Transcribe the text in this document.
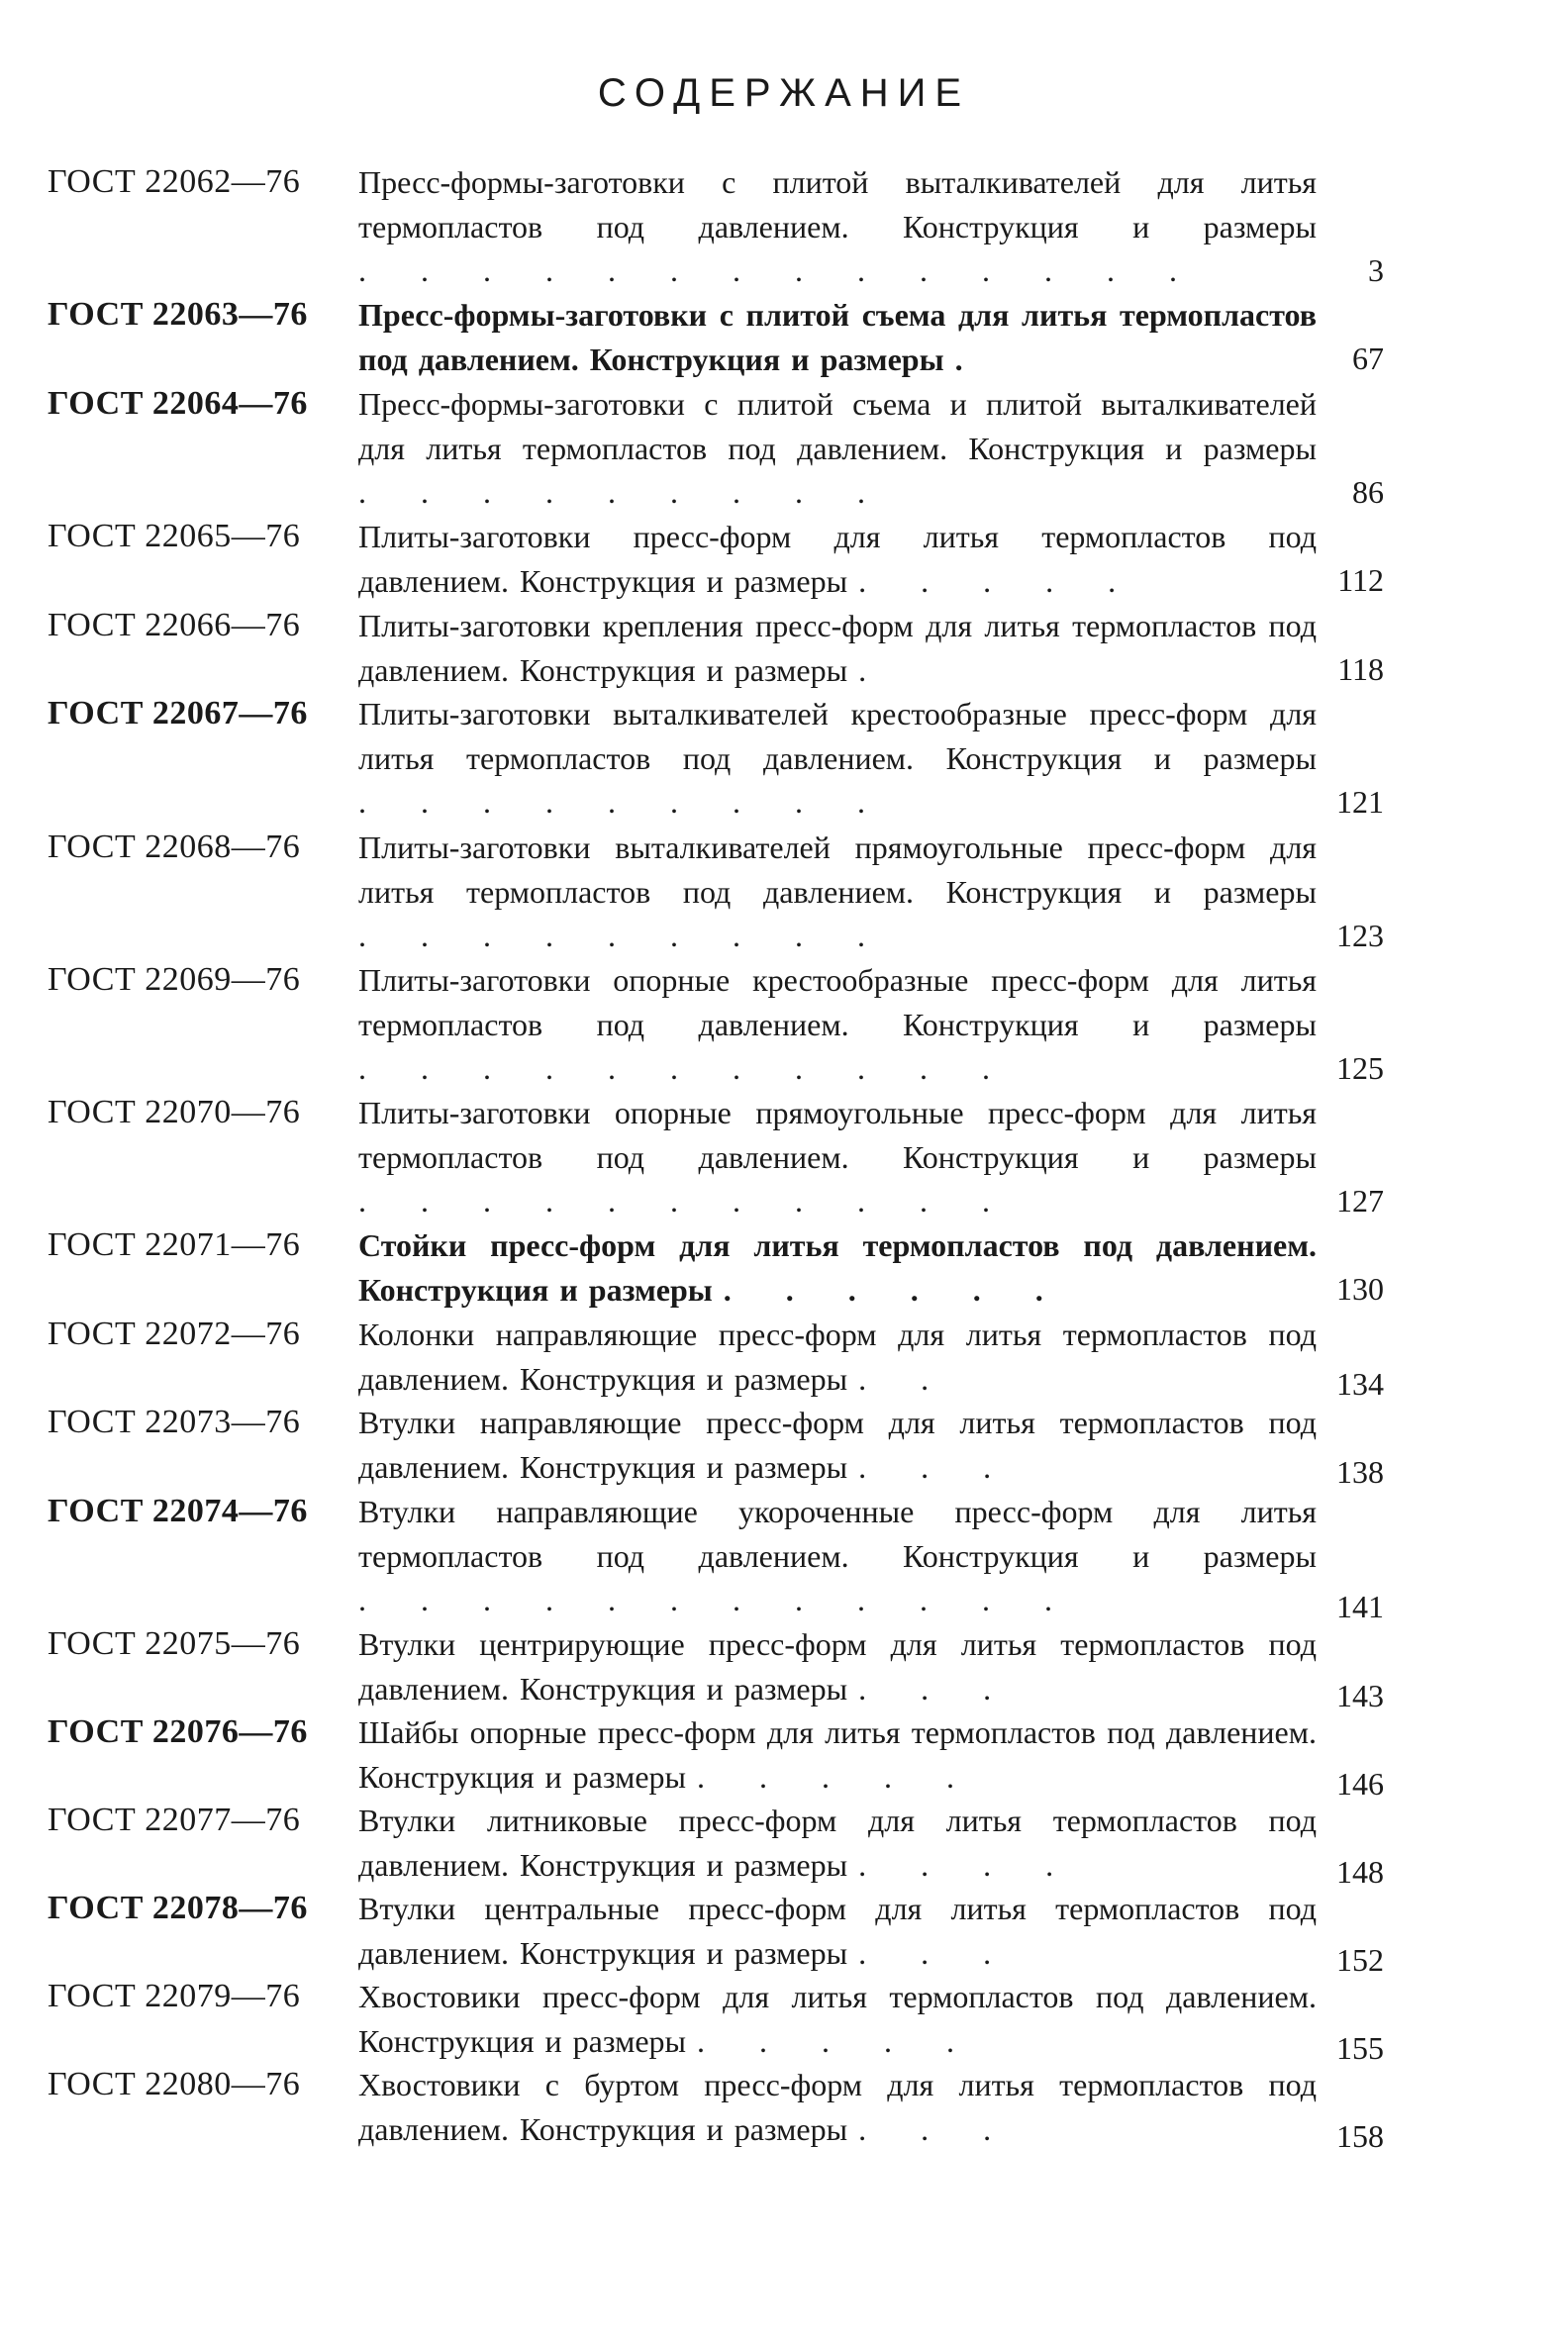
СОДЕРЖАНИЕ
ГОСТ 22062—76 Пресс-формы-заготовки с плитой выталкивателей для литья термопластов под давлением. Конструкция и размеры . . . . . . . . . . . . . .	3
ГОСТ 22063—76 Пресс-формы-заготовки с плитой съема для литья термопластов под давлением. Конструкция и размеры .	67
ГОСТ 22064—76 Пресс-формы-заготовки с плитой съема и плитой выталкивателей для литья термопластов под давлением. Конструкция и размеры . . . . . . . . .	86
ГОСТ 22065—76 Плиты-заготовки пресс-форм для литья термопластов под давлением. Конструкция и размеры . . . . .	112
ГОСТ 22066—76 Плиты-заготовки крепления пресс-форм для литья термопластов под давлением. Конструкция и размеры .	118
ГОСТ 22067—76 Плиты-заготовки выталкивателей крестообразные пресс-форм для литья термопластов под давлением. Конструкция и размеры . . . . . . . . .	121
ГОСТ 22068—76 Плиты-заготовки выталкивателей прямоугольные пресс-форм для литья термопластов под давлением. Конструкция и размеры . . . . . . . . .	123
ГОСТ 22069—76 Плиты-заготовки опорные крестообразные пресс-форм для литья термопластов под давлением. Конструкция и размеры . . . . . . . . . . .	125
ГОСТ 22070—76 Плиты-заготовки опорные прямоугольные пресс-форм для литья термопластов под давлением. Конструкция и размеры . . . . . . . . . . .	127
ГОСТ 22071—76 Стойки пресс-форм для литья термопластов под давлением. Конструкция и размеры . . . . . .	130
ГОСТ 22072—76 Колонки направляющие пресс-форм для литья термопластов под давлением. Конструкция и размеры . .	134
ГОСТ 22073—76 Втулки направляющие пресс-форм для литья термопластов под давлением. Конструкция и размеры . . .	138
ГОСТ 22074—76 Втулки направляющие укороченные пресс-форм для литья термопластов под давлением. Конструкция и размеры . . . . . . . . . . . .	141
ГОСТ 22075—76 Втулки центрирующие пресс-форм для литья термопластов под давлением. Конструкция и размеры . . .	143
ГОСТ 22076—76 Шайбы опорные пресс-форм для литья термопластов под давлением. Конструкция и размеры . . . . .	146
ГОСТ 22077—76 Втулки литниковые пресс-форм для литья термопластов под давлением. Конструкция и размеры . . . .	148
ГОСТ 22078—76 Втулки центральные пресс-форм для литья термопластов под давлением. Конструкция и размеры . . .	152
ГОСТ 22079—76 Хвостовики пресс-форм для литья термопластов под давлением. Конструкция и размеры . . . . .	155
ГОСТ 22080—76 Хвостовики с буртом пресс-форм для литья термопластов под давлением. Конструкция и размеры . . .	158
